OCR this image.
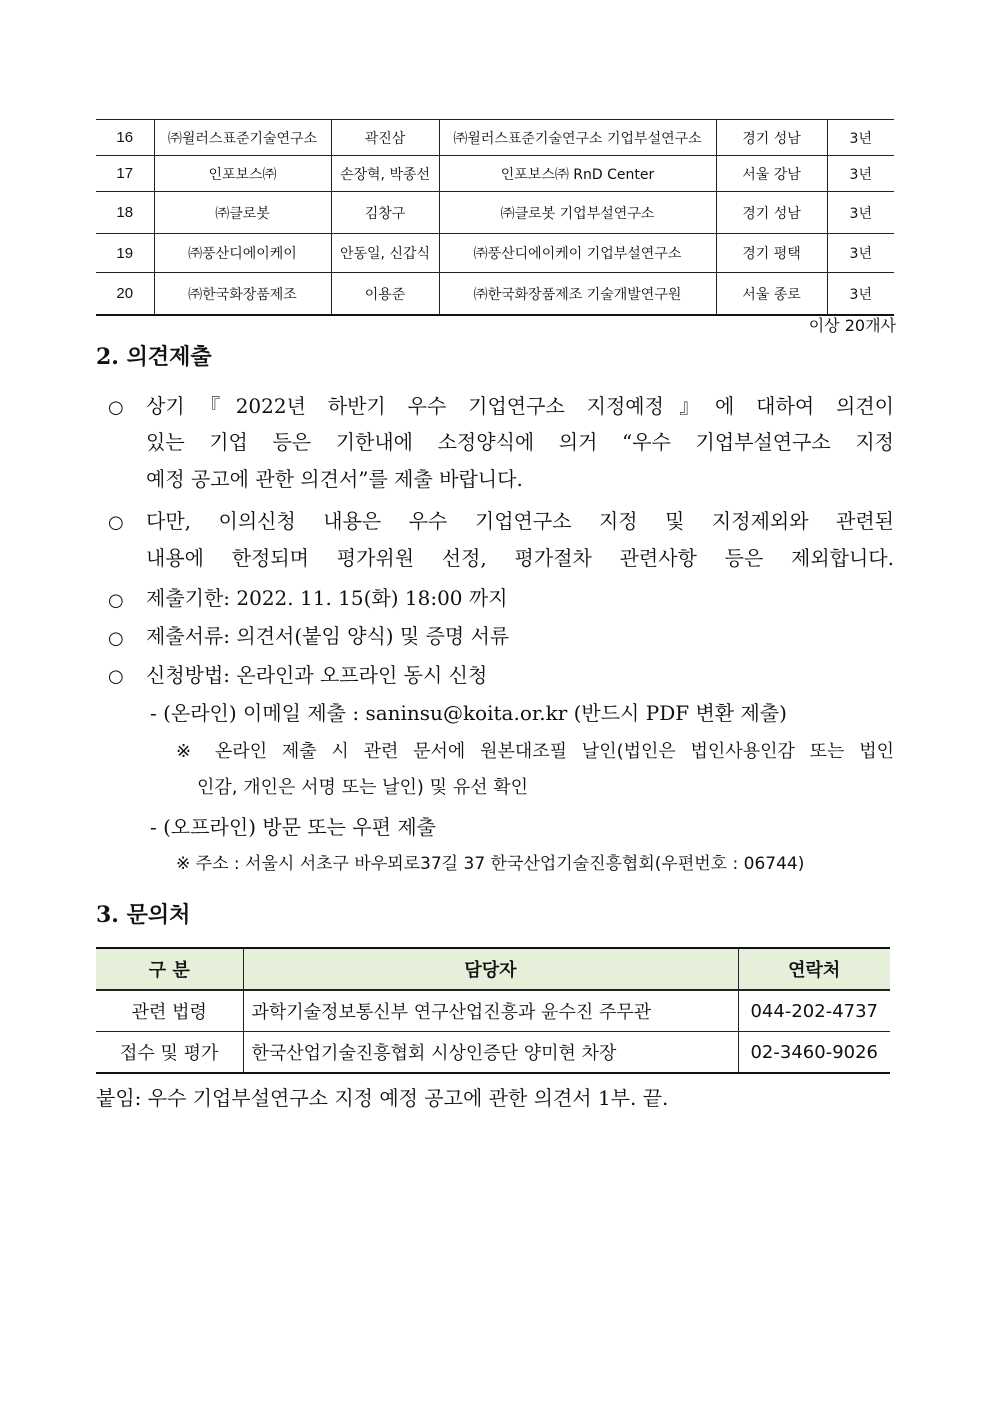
16	㈜윌러스표준기술연구소	곽진삼	㈜윌러스표준기술연구소 기업부설연구소	경기 성남	3년
17	인포보스㈜	손장혁, 박종선	인포보스㈜ RnD Center	서울 강남	3년
18	㈜클로봇	김창구	㈜클로봇 기업부설연구소	경기 성남	3년
19	㈜풍산디에이케이	안동일, 신갑식	㈜풍산디에이케이 기업부설연구소	경기 평택	3년
20	㈜한국화장품제조	이용준	㈜한국화장품제조 기술개발연구원	서울 종로	3년
이상 20개사
2. 의견제출
○ 상기『2022년 하반기 우수 기업연구소 지정예정』에 대하여 의견이
있는 기업 등은 기한내에 소정양식에 의거 “우수 기업부설연구소 지정
예정 공고에 관한 의견서”를 제출 바랍니다.
○ 다만, 이의신청 내용은 우수 기업연구소 지정 및 지정제외와 관련된
내용에 한정되며 평가위원 선정, 평가절차 관련사항 등은 제외합니다.
○ 제출기한: 2022. 11. 15(화) 18:00 까지
○ 제출서류: 의견서(붙임 양식) 및 증명 서류
○ 신청방법: 온라인과 오프라인 동시 신청
- (온라인) 이메일 제출 : saninsu@koita.or.kr (반드시 PDF 변환 제출)
※ 온라인 제출 시 관련 문서에 원본대조필 날인(법인은 법인사용인감 또는 법인
인감, 개인은 서명 또는 날인) 및 유선 확인
- (오프라인) 방문 또는 우편 제출
※ 주소 : 서울시 서초구 바우뫼로37길 37 한국산업기술진흥협회(우편번호 : 06744)
3. 문의처
구 분	담당자	연락처
관련 법령	과학기술정보통신부 연구산업진흥과 윤수진 주무관	044-202-4737
접수 및 평가	한국산업기술진흥협회 시상인증단 양미현 차장	02-3460-9026
붙임: 우수 기업부설연구소 지정 예정 공고에 관한 의견서 1부. 끝.
